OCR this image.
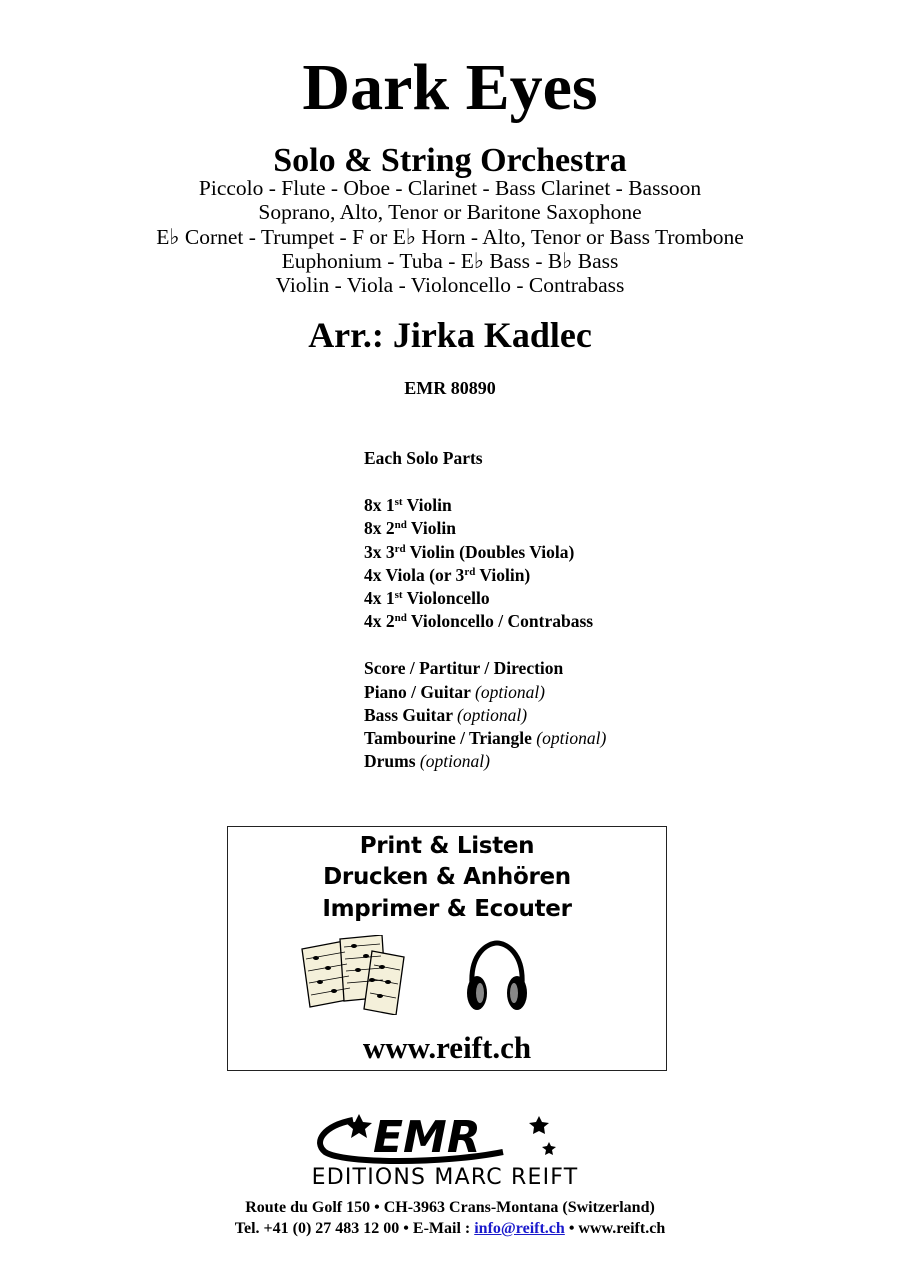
Dark Eyes
Solo & String Orchestra
Piccolo - Flute - Oboe - Clarinet - Bass Clarinet - Bassoon
Soprano, Alto, Tenor or Baritone Saxophone
E♭ Cornet - Trumpet - F or E♭ Horn - Alto, Tenor or Bass Trombone
Euphonium - Tuba - E♭ Bass - B♭ Bass
Violin - Viola - Violoncello - Contrabass
Arr.: Jirka Kadlec
EMR 80890
Each Solo Parts
8x 1st Violin
8x 2nd Violin
3x 3rd Violin (Doubles Viola)
4x Viola (or 3rd Violin)
4x 1st Violoncello
4x 2nd Violoncello / Contrabass
Score / Partitur / Direction
Piano / Guitar (optional)
Bass Guitar (optional)
Tambourine / Triangle (optional)
Drums (optional)
Print & Listen
Drucken & Anhören
Imprimer & Ecouter
www.reift.ch
EMR
EDITIONS MARC REIFT
Route du Golf 150 • CH-3963 Crans-Montana (Switzerland)
Tel. +41 (0) 27 483 12 00 • E-Mail : info@reift.ch • www.reift.ch
